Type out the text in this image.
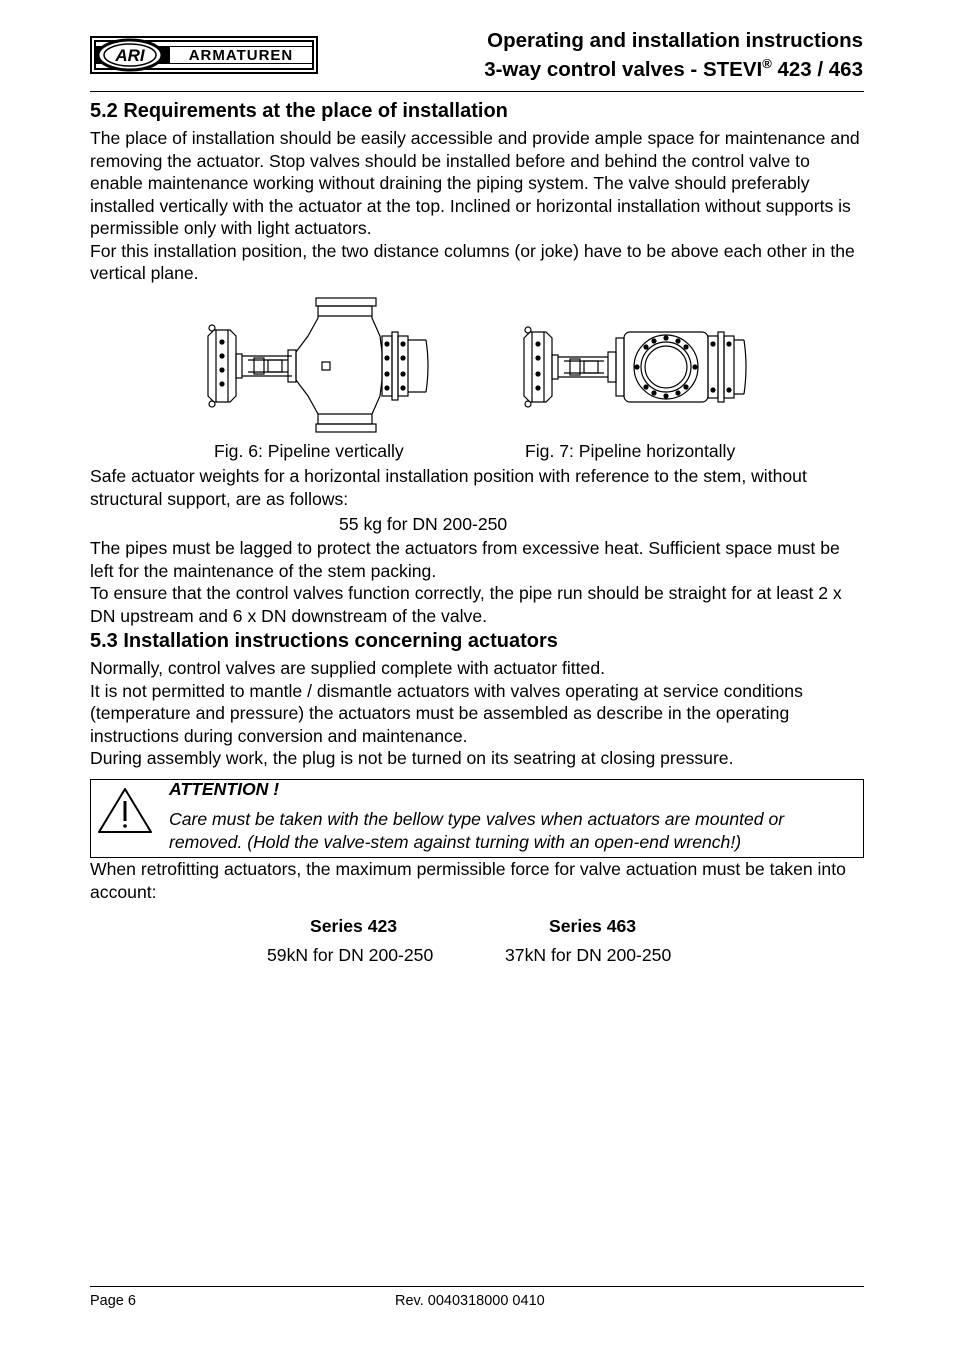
ARI	ARMATUREN
Operating and installation instructions
3-way control valves - STEVI® 423 / 463
5.2 Requirements at the place of installation

The place of installation should be easily accessible and provide ample space for maintenance and removing the actuator. Stop valves should be installed before and behind the control valve to enable maintenance working without draining the piping system. The valve should preferably installed vertically with the actuator at the top. Inclined or horizontal installation without supports is permissible only with light actuators.

For this installation position, the two distance columns (or joke) have to be above each other in the vertical plane.

Fig. 6: Pipeline vertically	Fig. 7: Pipeline horizontally

Safe actuator weights for a horizontal installation position with reference to the stem, without structural support, are as follows:

55 kg for DN 200-250

The pipes must be lagged to protect the actuators from excessive heat. Sufficient space must be left for the maintenance of the stem packing.

To ensure that the control valves function correctly, the pipe run should be straight for at least 2 x DN upstream and 6 x DN downstream of the valve.

5.3 Installation instructions concerning actuators

Normally, control valves are supplied complete with actuator fitted.

It is not permitted to mantle / dismantle actuators with valves operating at service conditions (temperature and pressure) the actuators must be assembled as describe in the operating instructions during conversion and maintenance.

During assembly work, the plug is not be turned on its seatring at closing pressure.

ATTENTION !
Care must be taken with the bellow type valves when actuators are mounted or removed. (Hold the valve-stem against turning with an open-end wrench!)

When retrofitting actuators, the maximum permissible force for valve actuation must be taken into account:

Series 423	Series 463
59kN for DN 200-250	37kN for DN 200-250
Page 6	Rev. 0040318000 0410
